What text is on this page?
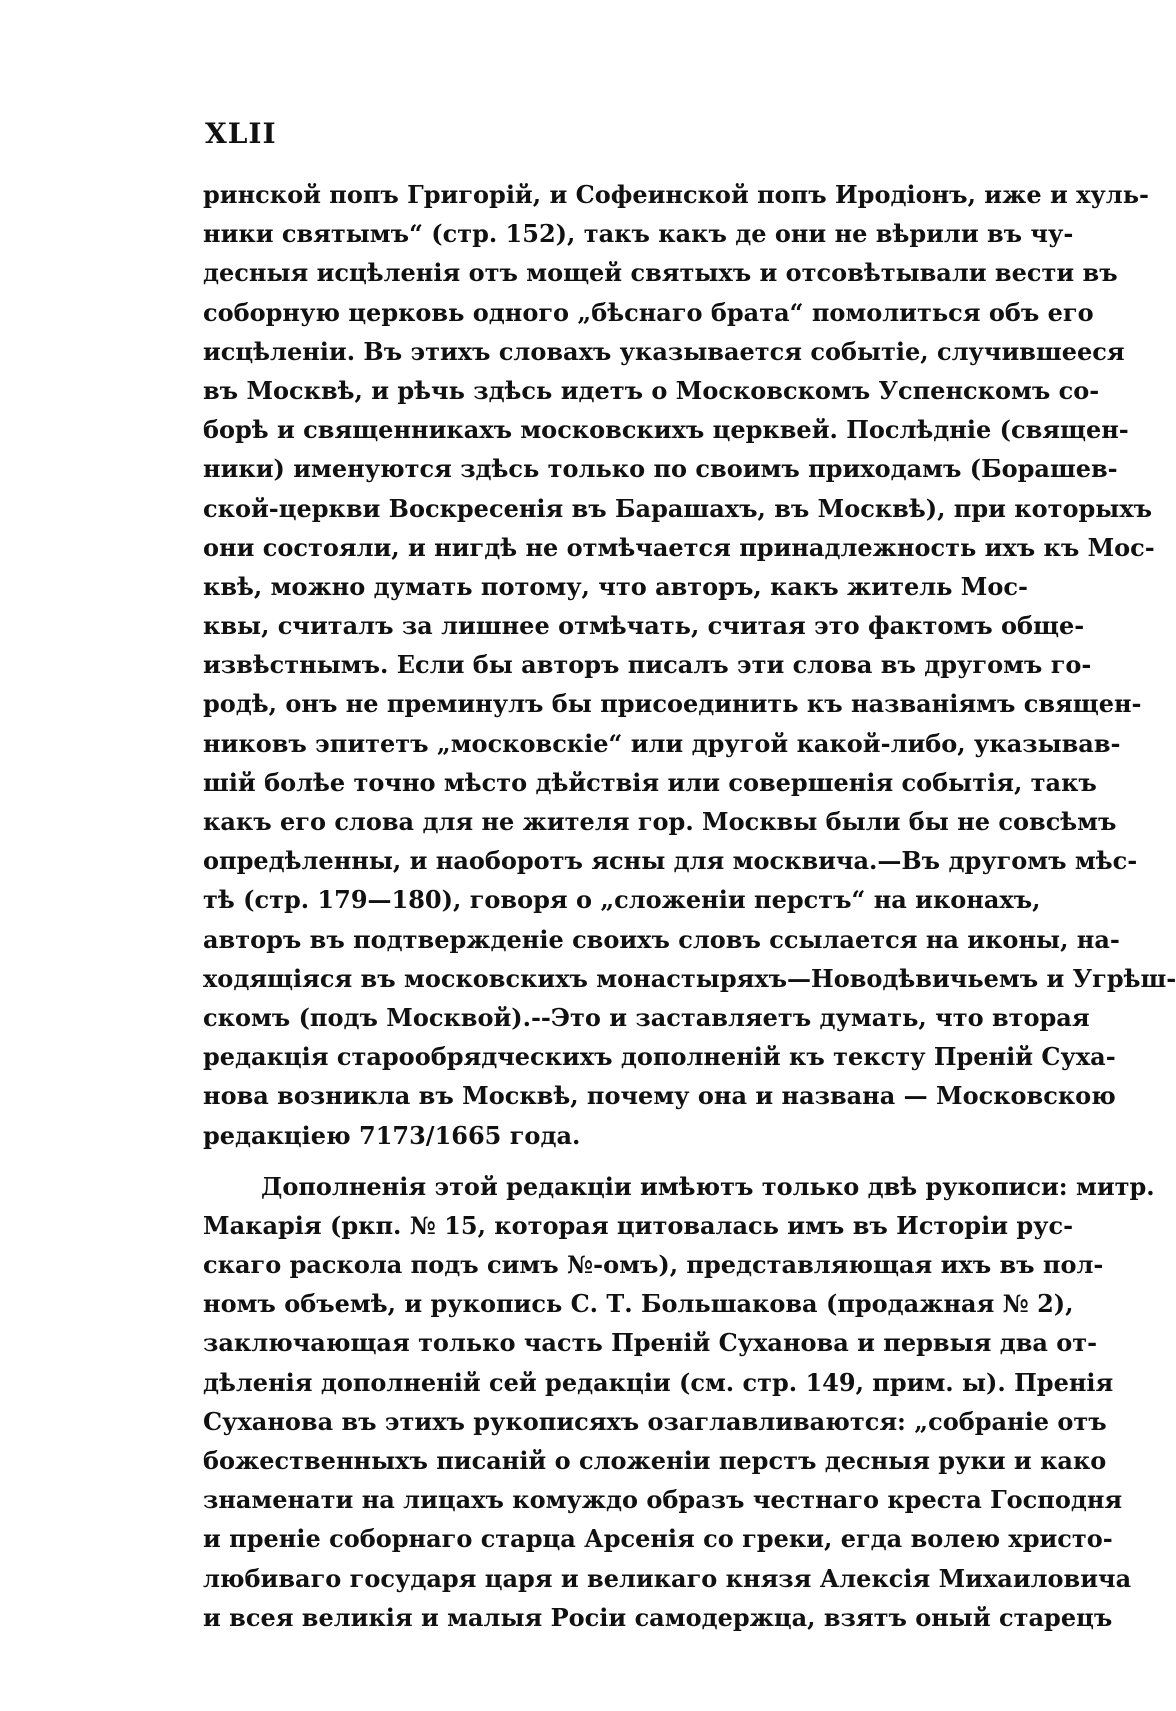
XLII
ринской попъ Григорій, и Софеинской попъ Иродіонъ, иже и хуль-
ники святымъ“ (стр. 152), такъ какъ де они не вѣрили въ чу-
десныя исцѣленія отъ мощей святыхъ и отсовѣтывали вести въ
соборную церковь одного „бѣснаго брата“ помолиться объ его
исцѣленіи. Въ этихъ словахъ указывается событіе, случившееся
въ Москвѣ, и рѣчь здѣсь идетъ о Московскомъ Успенскомъ со-
борѣ и священникахъ московскихъ церквей. Послѣдніе (священ-
ники) именуются здѣсь только по своимъ приходамъ (Борашев-
ской-церкви Воскресенія въ Барашахъ, въ Москвѣ), при которыхъ
они состояли, и нигдѣ не отмѣчается принадлежность ихъ къ Мос-
квѣ, можно думать потому, что авторъ, какъ житель Мос-
квы, считалъ за лишнее отмѣчать, считая это фактомъ обще-
извѣстнымъ. Если бы авторъ писалъ эти слова въ другомъ го-
родѣ, онъ не преминулъ бы присоединить къ названіямъ священ-
никовъ эпитетъ „московскіе“ или другой какой-либо, указывав-
шій болѣе точно мѣсто дѣйствія или совершенія событія, такъ
какъ его слова для не жителя гор. Москвы были бы не совсѣмъ
опредѣленны, и наоборотъ ясны для москвича.—Въ другомъ мѣс-
тѣ (стр. 179—180), говоря о „сложеніи перстъ“ на иконахъ,
авторъ въ подтвержденіе своихъ словъ ссылается на иконы, на-
ходящіяся въ московскихъ монастыряхъ—Новодѣвичьемъ и Угрѣш-
скомъ (подъ Москвой).--Это и заставляетъ думать, что вторая
редакція старообрядческихъ дополненій къ тексту Преній Суха-
нова возникла въ Москвѣ, почему она и названа — Московскою
редакціею 7173/1665 года.
Дополненія этой редакціи имѣютъ только двѣ рукописи: митр.
Макарія (ркп. № 15, которая цитовалась имъ въ Исторіи рус-
скаго раскола подъ симъ №-омъ), представляющая ихъ въ пол-
номъ объемѣ, и рукопись С. Т. Большакова (продажная № 2),
заключающая только часть Преній Суханова и первыя два от-
дѣленія дополненій сей редакціи (см. стр. 149, прим. ы). Пренія
Суханова въ этихъ рукописяхъ озаглавливаются: „собраніе отъ
божественныхъ писаній о сложеніи перстъ десныя руки и како
знаменати на лицахъ комуждо образъ честнаго креста Господня
и преніе соборнаго старца Арсенія со греки, егда волею христо-
любиваго государя царя и великаго князя Алексія Михаиловича
и всея великія и малыя Росіи самодержца, взятъ оный старецъ
